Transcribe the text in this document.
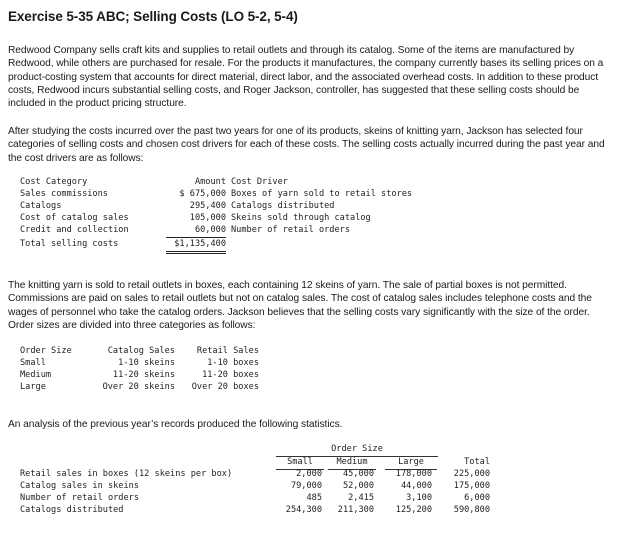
Exercise 5-35 ABC; Selling Costs (LO 5-2, 5-4)

Redwood Company sells craft kits and supplies to retail outlets and through its catalog. Some of the items are manufactured by Redwood, while others are purchased for resale. For the products it manufactures, the company currently bases its selling prices on a product-costing system that accounts for direct material, direct labor, and the associated overhead costs. In addition to these product costs, Redwood incurs substantial selling costs, and Roger Jackson, controller, has suggested that these selling costs should be included in the product pricing structure.

After studying the costs incurred over the past two years for one of its products, skeins of knitting yarn, Jackson has selected four categories of selling costs and chosen cost drivers for each of these costs. The selling costs actually incurred during the past year and the cost drivers are as follows:

Cost Category	Amount Cost Driver
Sales commissions	$ 675,000 Boxes of yarn sold to retail stores
Catalogs	295,400 Catalogs distributed
Cost of catalog sales	105,000 Skeins sold through catalog
Credit and collection	60,000 Number of retail orders
Total selling costs	$1,135,400

The knitting yarn is sold to retail outlets in boxes, each containing 12 skeins of yarn. The sale of partial boxes is not permitted. Commissions are paid on sales to retail outlets but not on catalog sales. The cost of catalog sales includes telephone costs and the wages of personnel who take the catalog orders. Jackson believes that the selling costs vary significantly with the size of the order. Order sizes are divided into three categories as follows:

Order Size	Catalog Sales	Retail Sales
Small	1-10 skeins	1-10 boxes
Medium	11-20 skeins	11-20 boxes
Large	Over 20 skeins	Over 20 boxes

An analysis of the previous year’s records produced the following statistics.

Order Size
Small	Medium	Large	Total
Retail sales in boxes (12 skeins per box)	2,000	45,000	178,000	225,000
Catalog sales in skeins	79,000	52,000	44,000	175,000
Number of retail orders	485	2,415	3,100	6,000
Catalogs distributed	254,300	211,300	125,200	590,800
